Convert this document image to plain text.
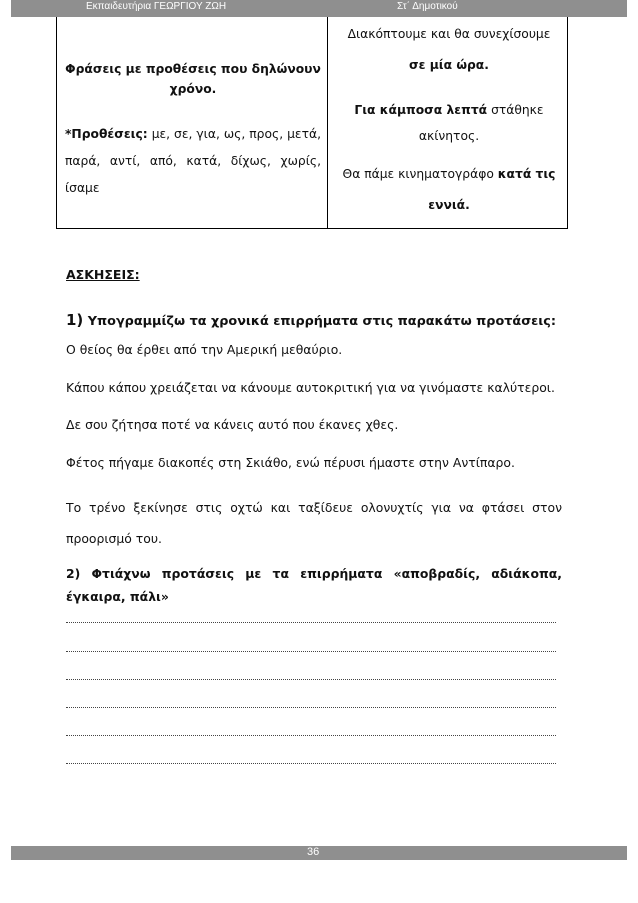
Εκπαιδευτήρια ΓΕΩΡΓΙΟΥ ΖΩΗ	Στ΄ Δημοτικού
Φράσεις με προθέσεις που δηλώνουν χρόνο.
*Προθέσεις: με, σε, για, ως, προς, μετά, παρά, αντί, από, κατά, δίχως, χωρίς, ίσαμε
Διακόπτουμε και θα συνεχίσουμε
σε μία ώρα.
Για κάμποσα λεπτά στάθηκε ακίνητος.
Θα πάμε κινηματογράφο κατά τις εννιά.
ΑΣΚΗΣΕΙΣ:
1) Υπογραμμίζω τα χρονικά επιρρήματα στις παρακάτω προτάσεις:
Ο θείος θα έρθει από την Αμερική μεθαύριο.
Κάπου κάπου χρειάζεται να κάνουμε αυτοκριτική για να γινόμαστε καλύτεροι.
Δε σου ζήτησα ποτέ να κάνεις αυτό που έκανες χθες.
Φέτος πήγαμε διακοπές στη Σκιάθο, ενώ πέρυσι ήμαστε στην Αντίπαρο.
Το τρένο ξεκίνησε στις οχτώ και ταξίδευε ολονυχτίς για να φτάσει στον προορισμό του.
2) Φτιάχνω προτάσεις με τα επιρρήματα «αποβραδίς, αδιάκοπα, έγκαιρα, πάλι»
36
